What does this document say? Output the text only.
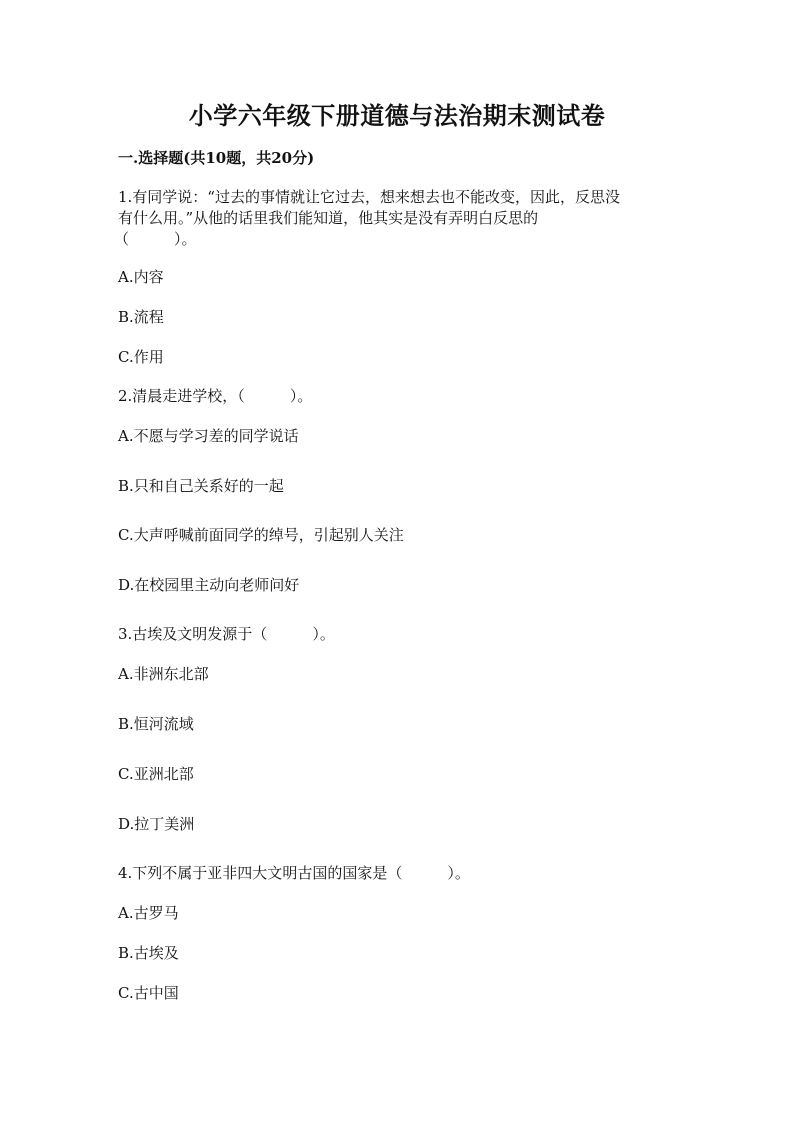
小学六年级下册道德与法治期末测试卷
一.选择题(共10题，共20分)
1.有同学说：“过去的事情就让它过去，想来想去也不能改变，因此，反思没
有什么用。”从他的话里我们能知道，他其实是没有弄明白反思的
（　　　）。
A.内容
B.流程
C.作用
2.清晨走进学校，（　　　）。
A.不愿与学习差的同学说话
B.只和自己关系好的一起
C.大声呼喊前面同学的绰号，引起别人关注
D.在校园里主动向老师问好
3.古埃及文明发源于（　　　）。
A.非洲东北部
B.恒河流域
C.亚洲北部
D.拉丁美洲
4.下列不属于亚非四大文明古国的国家是（　　　）。
A.古罗马
B.古埃及
C.古中国
